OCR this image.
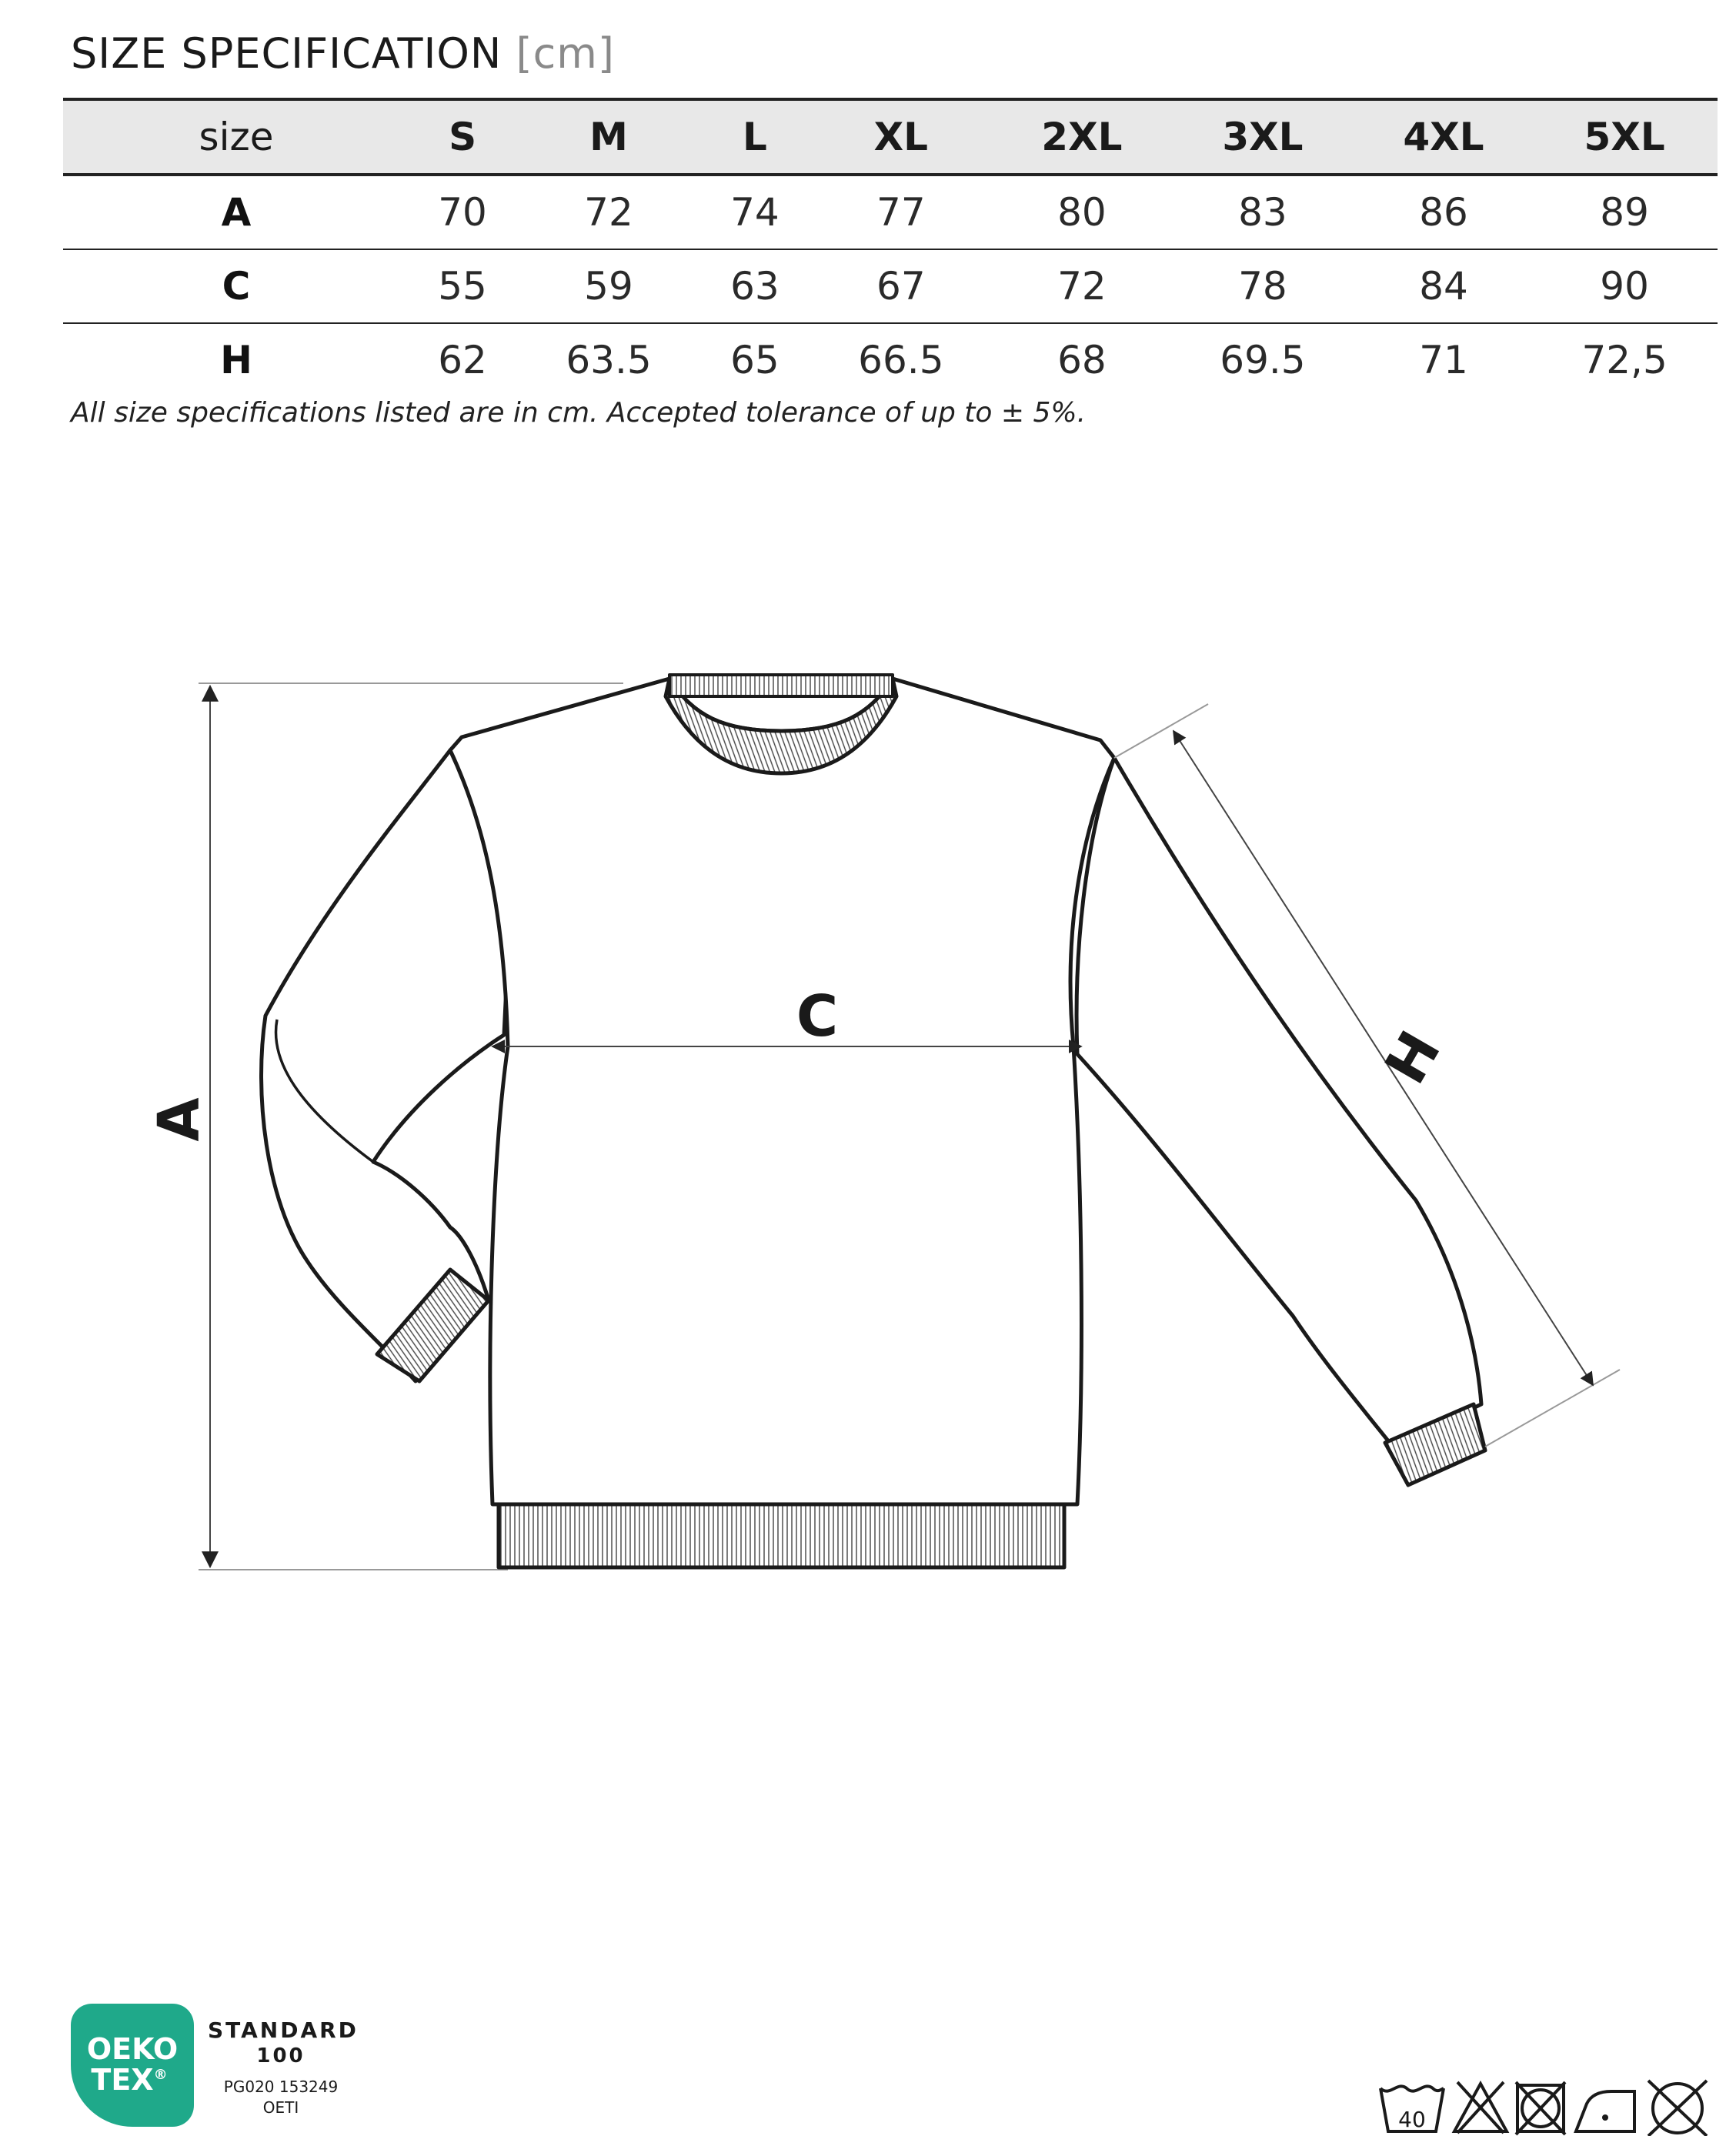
SIZE SPECIFICATION [cm]
size	S	M	L	XL	2XL	3XL	4XL	5XL
A	70	72	74	77	80	83	86	89
C	55	59	63	67	72	78	84	90
H	62	63.5	65	66.5	68	69.5	71	72,5
All size specifications listed are in cm. Accepted tolerance of up to ± 5%.
A
C
H
OEKO
TEX®
STANDARD
100
PG020 153249
OETI	40
